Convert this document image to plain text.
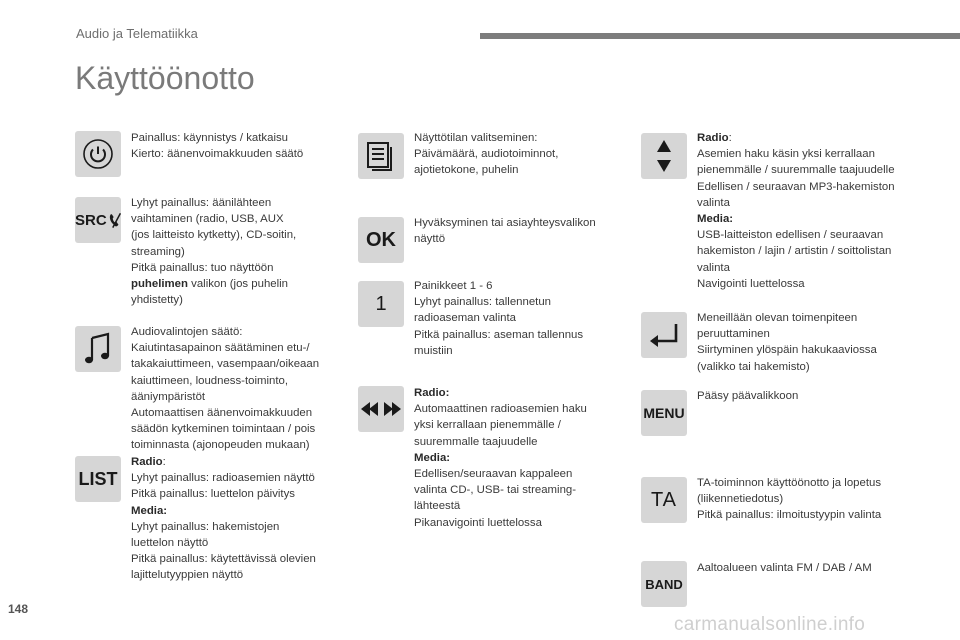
Audio ja Telematiikka
Käyttöönotto
Painallus: käynnistys / katkaisu
Kierto: äänenvoimakkuuden säätö
SRC
Lyhyt painallus: äänilähteen
vaihtaminen (radio, USB, AUX
(jos laitteisto kytketty), CD-soitin,
streaming)
Pitkä painallus: tuo näyttöön
puhelimen valikon (jos puhelin
yhdistetty)
Audiovalintojen säätö:
Kaiutintasapainon säätäminen etu-/
takakaiuttimeen, vasempaan/oikeaan
kaiuttimeen, loudness-toiminto,
ääniympäristöt
Automaattisen äänenvoimakkuuden
säädön kytkeminen toimintaan / pois
toiminnasta (ajonopeuden mukaan)
LIST
Radio:
Lyhyt painallus: radioasemien näyttö
Pitkä painallus: luettelon päivitys
Media:
Lyhyt painallus: hakemistojen
luettelon näyttö
Pitkä painallus: käytettävissä olevien
lajittelutyyppien näyttö
Näyttötilan valitseminen:
Päivämäärä, audiotoiminnot,
ajotietokone, puhelin
OK
Hyväksyminen tai asiayhteysvalikon
näyttö
1
Painikkeet 1 - 6
Lyhyt painallus: tallennetun
radioaseman valinta
Pitkä painallus: aseman tallennus
muistiin
Radio:
Automaattinen radioasemien haku
yksi kerrallaan pienemmälle /
suuremmalle taajuudelle
Media:
Edellisen/seuraavan kappaleen
valinta CD-, USB- tai streaming-
lähteestä
Pikanavigointi luettelossa
Radio:
Asemien haku käsin yksi kerrallaan
pienemmälle / suuremmalle taajuudelle
Edellisen / seuraavan MP3-hakemiston
valinta
Media:
USB-laitteiston edellisen / seuraavan
hakemiston / lajin / artistin / soittolistan
valinta
Navigointi luettelossa
Meneillään olevan toimenpiteen
peruuttaminen
Siirtyminen ylöspäin hakukaaviossa
(valikko tai hakemisto)
MENU
Pääsy päävalikkoon
TA
TA-toiminnon käyttöönotto ja lopetus
(liikennetiedotus)
Pitkä painallus: ilmoitustyypin valinta
BAND
Aaltoalueen valinta FM / DAB / AM
148
carmanualsonline.info
